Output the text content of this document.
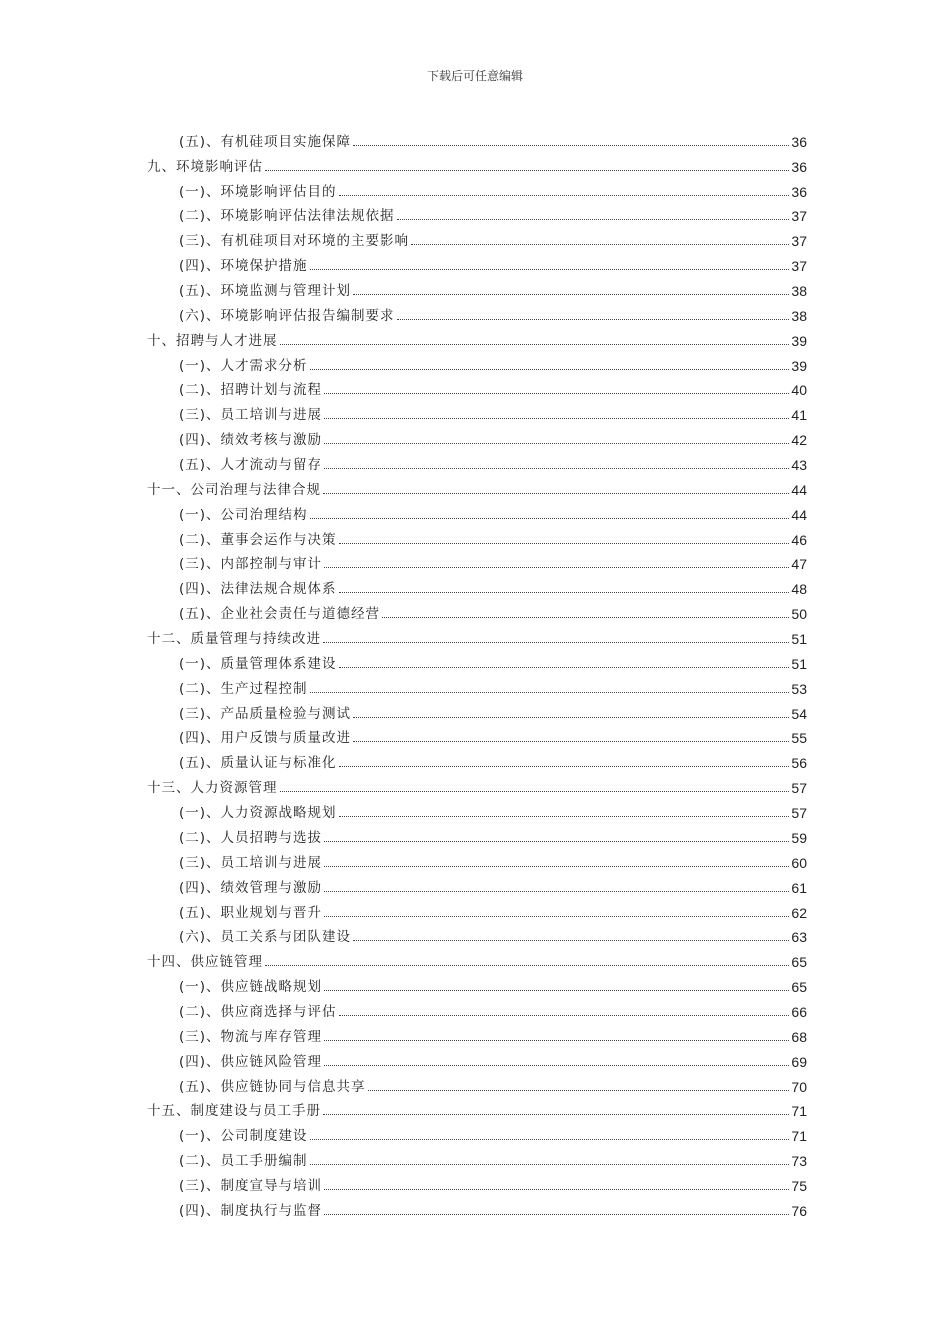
下载后可任意编辑
(五)、有机硅项目实施保障	36
九、环境影响评估	36
(一)、环境影响评估目的	36
(二)、环境影响评估法律法规依据	37
(三)、有机硅项目对环境的主要影响	37
(四)、环境保护措施	37
(五)、环境监测与管理计划	38
(六)、环境影响评估报告编制要求	38
十、招聘与人才进展	39
(一)、人才需求分析	39
(二)、招聘计划与流程	40
(三)、员工培训与进展	41
(四)、绩效考核与激励	42
(五)、人才流动与留存	43
十一、公司治理与法律合规	44
(一)、公司治理结构	44
(二)、董事会运作与决策	46
(三)、内部控制与审计	47
(四)、法律法规合规体系	48
(五)、企业社会责任与道德经营	50
十二、质量管理与持续改进	51
(一)、质量管理体系建设	51
(二)、生产过程控制	53
(三)、产品质量检验与测试	54
(四)、用户反馈与质量改进	55
(五)、质量认证与标准化	56
十三、人力资源管理	57
(一)、人力资源战略规划	57
(二)、人员招聘与选拔	59
(三)、员工培训与进展	60
(四)、绩效管理与激励	61
(五)、职业规划与晋升	62
(六)、员工关系与团队建设	63
十四、供应链管理	65
(一)、供应链战略规划	65
(二)、供应商选择与评估	66
(三)、物流与库存管理	68
(四)、供应链风险管理	69
(五)、供应链协同与信息共享	70
十五、制度建设与员工手册	71
(一)、公司制度建设	71
(二)、员工手册编制	73
(三)、制度宣导与培训	75
(四)、制度执行与监督	76
